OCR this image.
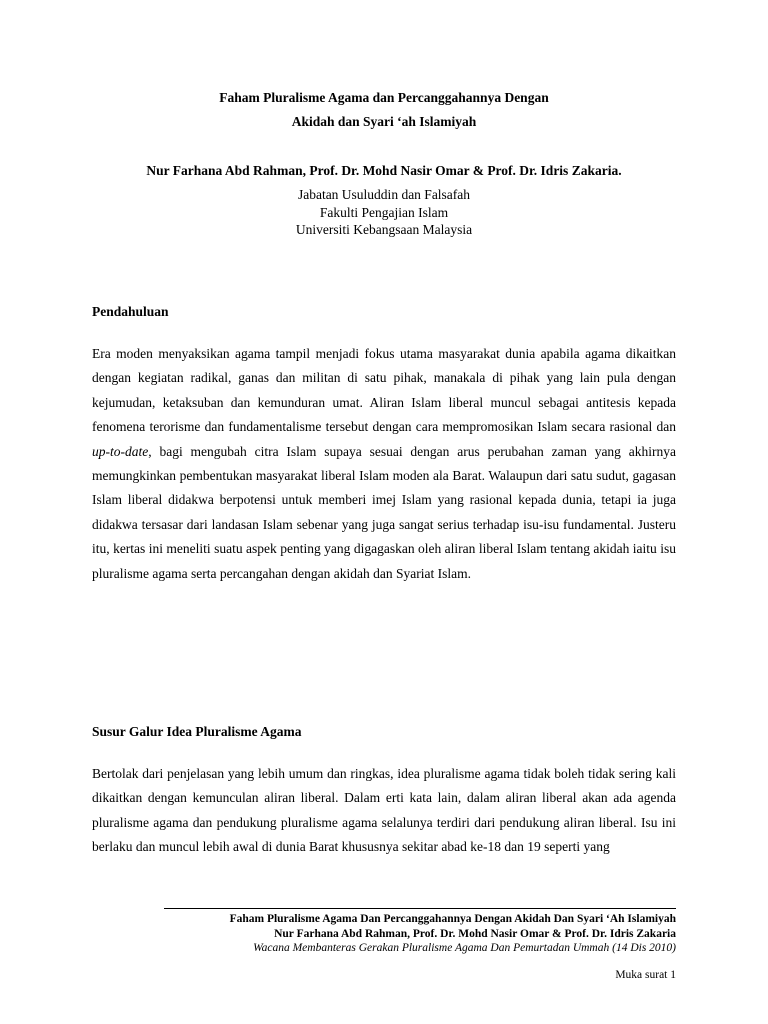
Faham Pluralisme Agama dan Percanggahannya Dengan
Akidah dan Syari ‘ah Islamiyah
Nur Farhana Abd Rahman, Prof. Dr. Mohd Nasir Omar & Prof. Dr. Idris Zakaria.
Jabatan Usuluddin dan Falsafah
Fakulti Pengajian Islam
Universiti Kebangsaan Malaysia
Pendahuluan

Era moden menyaksikan agama tampil menjadi fokus utama masyarakat dunia apabila agama dikaitkan dengan kegiatan radikal, ganas dan militan di satu pihak, manakala di pihak yang lain pula dengan kejumudan, ketaksuban dan kemunduran umat. Aliran Islam liberal muncul sebagai antitesis kepada fenomena terorisme dan fundamentalisme tersebut dengan cara mempromosikan Islam secara rasional dan up-to-date, bagi mengubah citra Islam supaya sesuai dengan arus perubahan zaman yang akhirnya memungkinkan pembentukan masyarakat liberal Islam moden ala Barat. Walaupun dari satu sudut, gagasan Islam liberal didakwa berpotensi untuk memberi imej Islam yang rasional kepada dunia, tetapi ia juga didakwa tersasar dari landasan Islam sebenar yang juga sangat serius terhadap isu-isu fundamental. Justeru itu, kertas ini meneliti suatu aspek penting yang digagaskan oleh aliran liberal Islam tentang akidah iaitu isu pluralisme agama serta percangahan dengan akidah dan Syariat Islam.

Susur Galur Idea Pluralisme Agama

Bertolak dari penjelasan yang lebih umum dan ringkas, idea pluralisme agama tidak boleh tidak sering kali dikaitkan dengan kemunculan aliran liberal. Dalam erti kata lain, dalam aliran liberal akan ada agenda pluralisme agama dan pendukung pluralisme agama selalunya terdiri dari pendukung aliran liberal. Isu ini berlaku dan muncul lebih awal di dunia Barat khususnya sekitar abad ke-18 dan 19 seperti yang

Faham Pluralisme Agama Dan Percanggahannya Dengan Akidah Dan Syari ‘Ah Islamiyah
Nur Farhana Abd Rahman, Prof. Dr. Mohd Nasir Omar & Prof. Dr. Idris Zakaria
Wacana Membanteras Gerakan Pluralisme Agama Dan Pemurtadan Ummah (14 Dis 2010)
Muka surat 1
